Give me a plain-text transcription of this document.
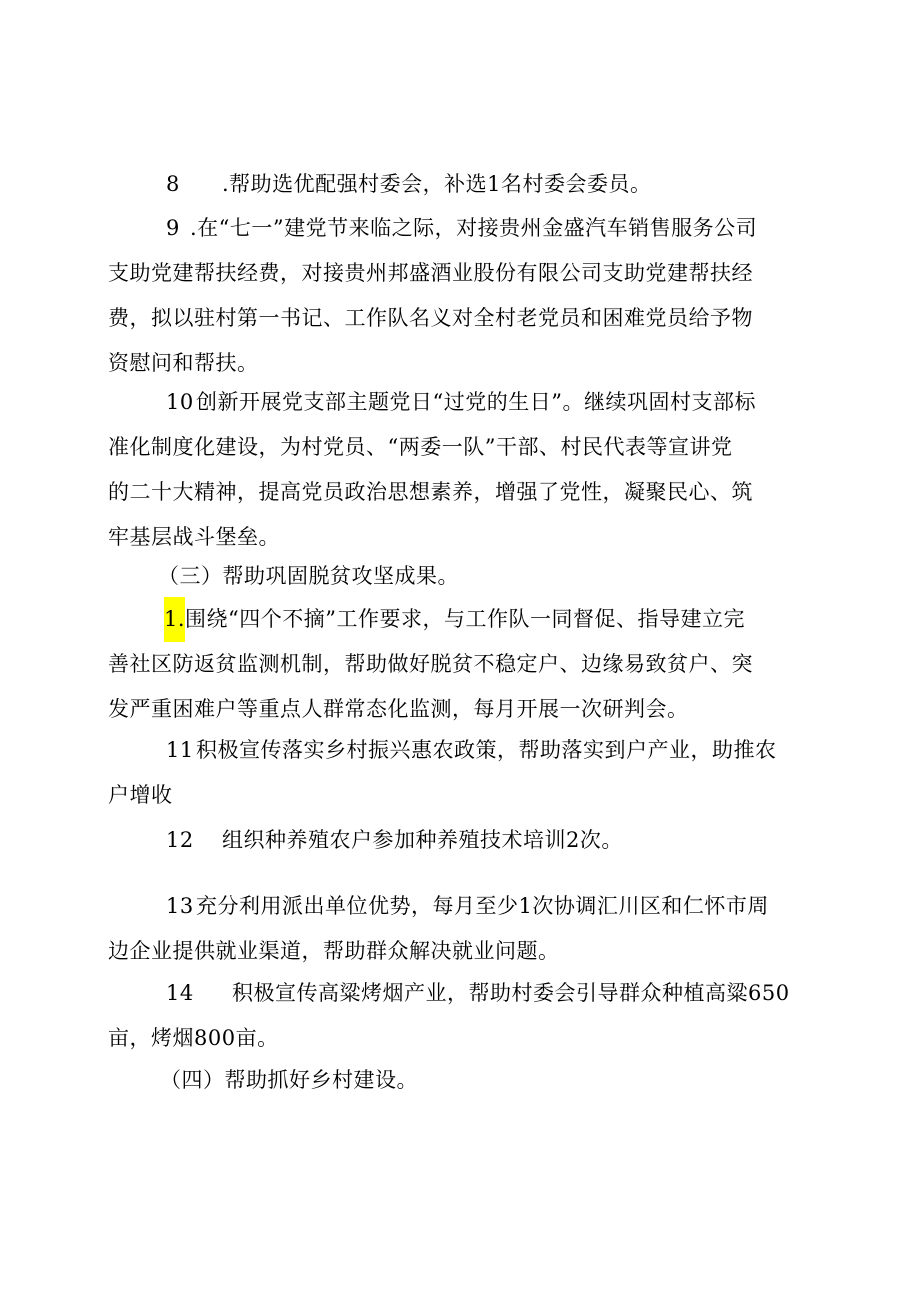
8 .帮助选优配强村委会，补选1名村委会委员。
9 .在“七一”建党节来临之际，对接贵州金盛汽车销售服务公司
支助党建帮扶经费，对接贵州邦盛酒业股份有限公司支助党建帮扶经
费，拟以驻村第一书记、工作队名义对全村老党员和困难党员给予物
资慰问和帮扶。
10 创新开展党支部主题党日“过党的生日”。继续巩固村支部标
准化制度化建设，为村党员、“两委一队”干部、村民代表等宣讲党
的二十大精神，提高党员政治思想素养，增强了党性，凝聚民心、筑
牢基层战斗堡垒。
（三）帮助巩固脱贫攻坚成果。
1.围绕“四个不摘”工作要求，与工作队一同督促、指导建立完
善社区防返贫监测机制，帮助做好脱贫不稳定户、边缘易致贫户、突
发严重困难户等重点人群常态化监测，每月开展一次研判会。
11 积极宣传落实乡村振兴惠农政策，帮助落实到户产业，助推农
户增收
12 组织种养殖农户参加种养殖技术培训2次。
13 充分利用派出单位优势，每月至少1次协调汇川区和仁怀市周
边企业提供就业渠道，帮助群众解决就业问题。
14 积极宣传高粱烤烟产业，帮助村委会引导群众种植高粱650
亩，烤烟800亩。
（四）帮助抓好乡村建设。
